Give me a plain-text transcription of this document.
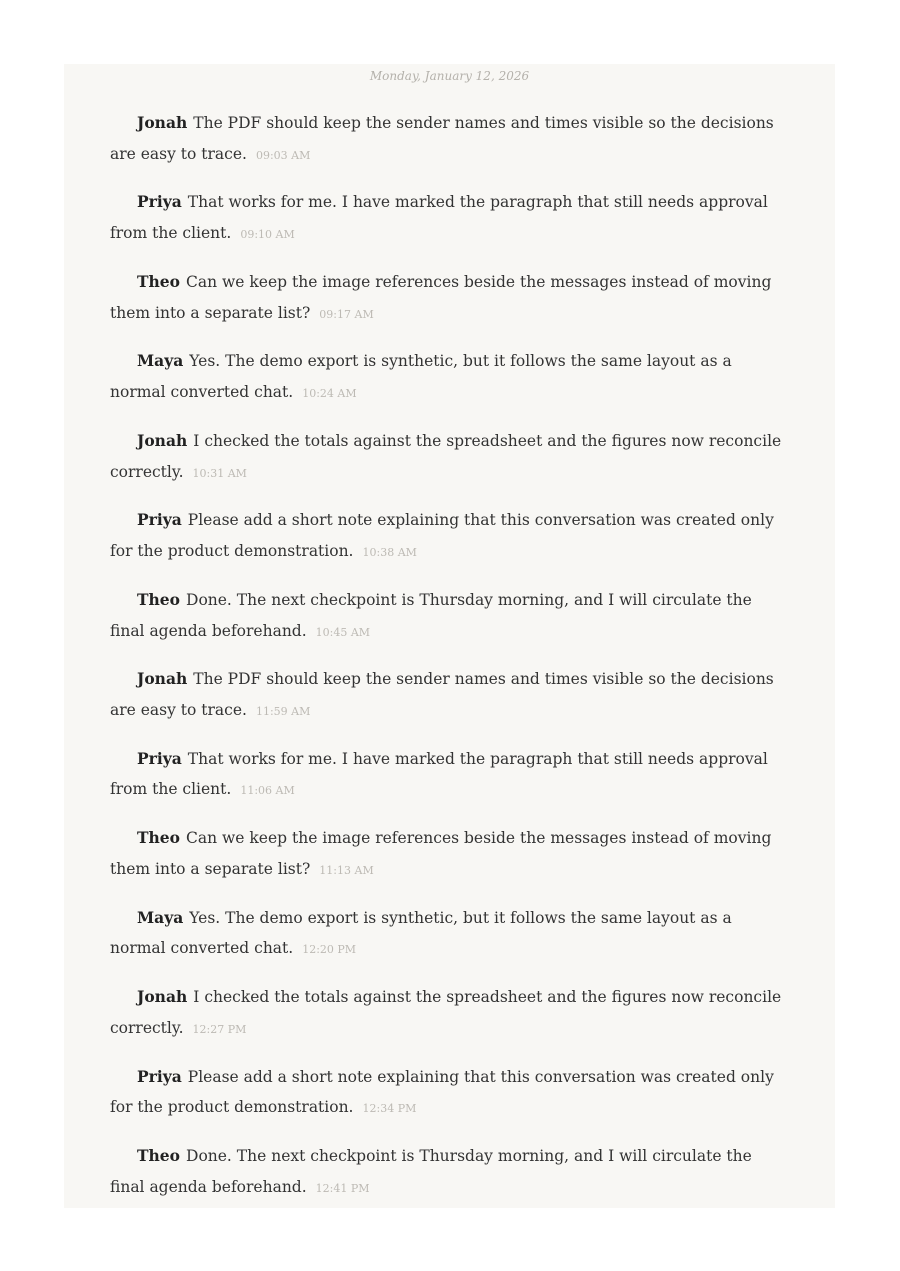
Monday, January 12, 2026

Jonah The PDF should keep the sender names and times visible so the decisions are easy to trace. 09:03 AM

Priya That works for me. I have marked the paragraph that still needs approval from the client. 09:10 AM

Theo Can we keep the image references beside the messages instead of moving them into a separate list? 09:17 AM

Maya Yes. The demo export is synthetic, but it follows the same layout as a normal converted chat. 10:24 AM

Jonah I checked the totals against the spreadsheet and the figures now reconcile correctly. 10:31 AM

Priya Please add a short note explaining that this conversation was created only for the product demonstration. 10:38 AM

Theo Done. The next checkpoint is Thursday morning, and I will circulate the final agenda beforehand. 10:45 AM

Jonah The PDF should keep the sender names and times visible so the decisions are easy to trace. 11:59 AM

Priya That works for me. I have marked the paragraph that still needs approval from the client. 11:06 AM

Theo Can we keep the image references beside the messages instead of moving them into a separate list? 11:13 AM

Maya Yes. The demo export is synthetic, but it follows the same layout as a normal converted chat. 12:20 PM

Jonah I checked the totals against the spreadsheet and the figures now reconcile correctly. 12:27 PM

Priya Please add a short note explaining that this conversation was created only for the product demonstration. 12:34 PM

Theo Done. The next checkpoint is Thursday morning, and I will circulate the final agenda beforehand. 12:41 PM
